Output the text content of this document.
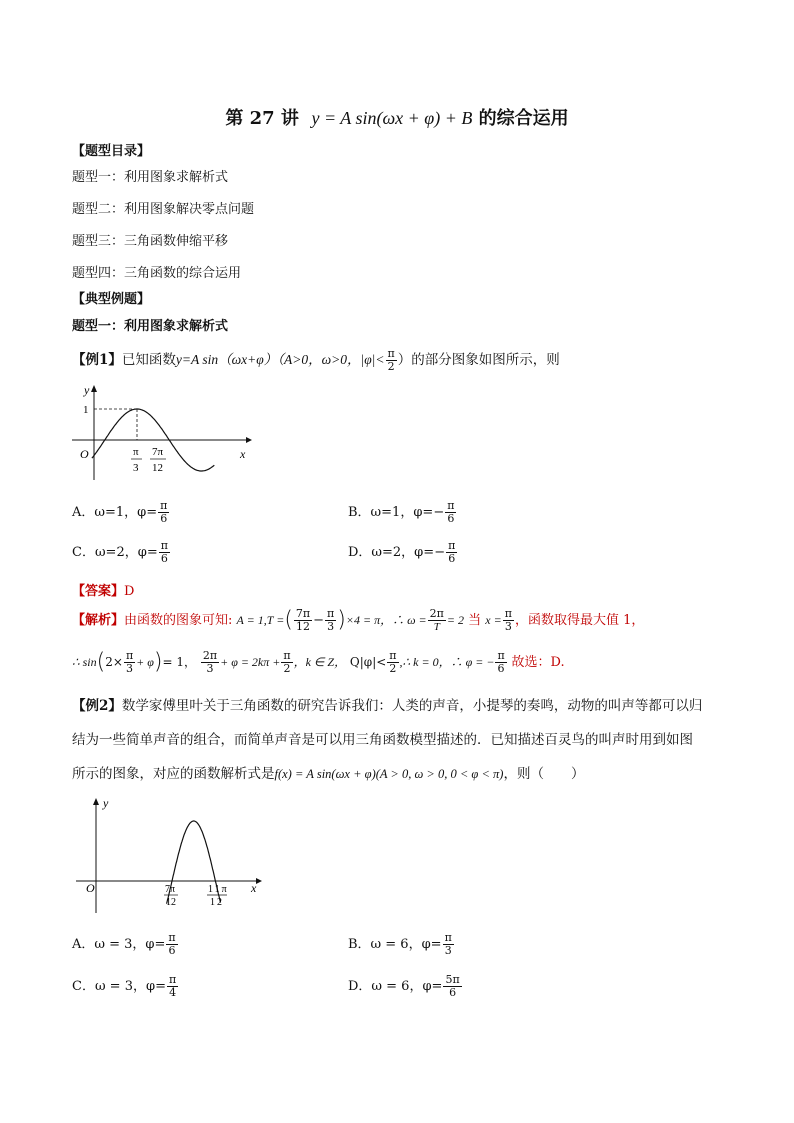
第 27 讲 y = A sin(ωx + φ) + B 的综合运用
【题型目录】
题型一：利用图象求解析式
题型二：利用图象解决零点问题
题型三：三角函数伸缩平移
题型四：三角函数的综合运用
【典型例题】
题型一：利用图象求解析式
【例1】已知函数y=A sin（ωx+φ）（A>0，ω>0，$|\varphi|< \frac{\pi}{2}$ ）的部分图象如图所示，则
y
x
O
1
π
3
7π
12
A．ω=1，$\varphi= \frac{\pi}{6}$	B．ω=1，$\varphi=- \frac{\pi}{6}$
C．ω=2，$\varphi= \frac{\pi}{6}$	D．ω=2，$\varphi=- \frac{\pi}{6}$
【答案】D
【解析】由函数的图象可知: A = 1,T =( $\frac{7\pi}{12} - \frac{\pi}{3} )\times 4 = \pi$，∴ $\omega = \frac{2\pi}{T} = 2$ 当 $x = \frac{\pi}{3}$ ，函数取得最大值 1，
∴ $\sin(2\times \frac{\pi}{3} + \varphi)= 1$， $\frac{2\pi}{3} + \varphi = 2k\pi + \frac{\pi}{2}$ ，k ∈ Z， $Q|\varphi|< \frac{\pi}{2}$ ,∴ k = 0，∴ φ = − $\frac{\pi}{6}$ 故选：D.
【例2】数学家傅里叶关于三角函数的研究告诉我们：人类的声音，小提琴的奏鸣，动物的叫声等都可以归
结为一些简单声音的组合，而简单声音是可以用三角函数模型描述的．已知描述百灵鸟的叫声时用到如图
所示的图象，对应的函数解析式是f(x) = A sin(ωx + φ)(A > 0, ω > 0, 0 < φ < π)，则（　　）
y
x
O	7π
12
11π
12
A．ω = 3，$\varphi= \frac{\pi}{6}$	B．ω = 6，$\varphi= \frac{\pi}{3}$
C．ω = 3，$\varphi= \frac{\pi}{4}$	D．ω = 6，$\varphi= \frac{5\pi}{6}$
